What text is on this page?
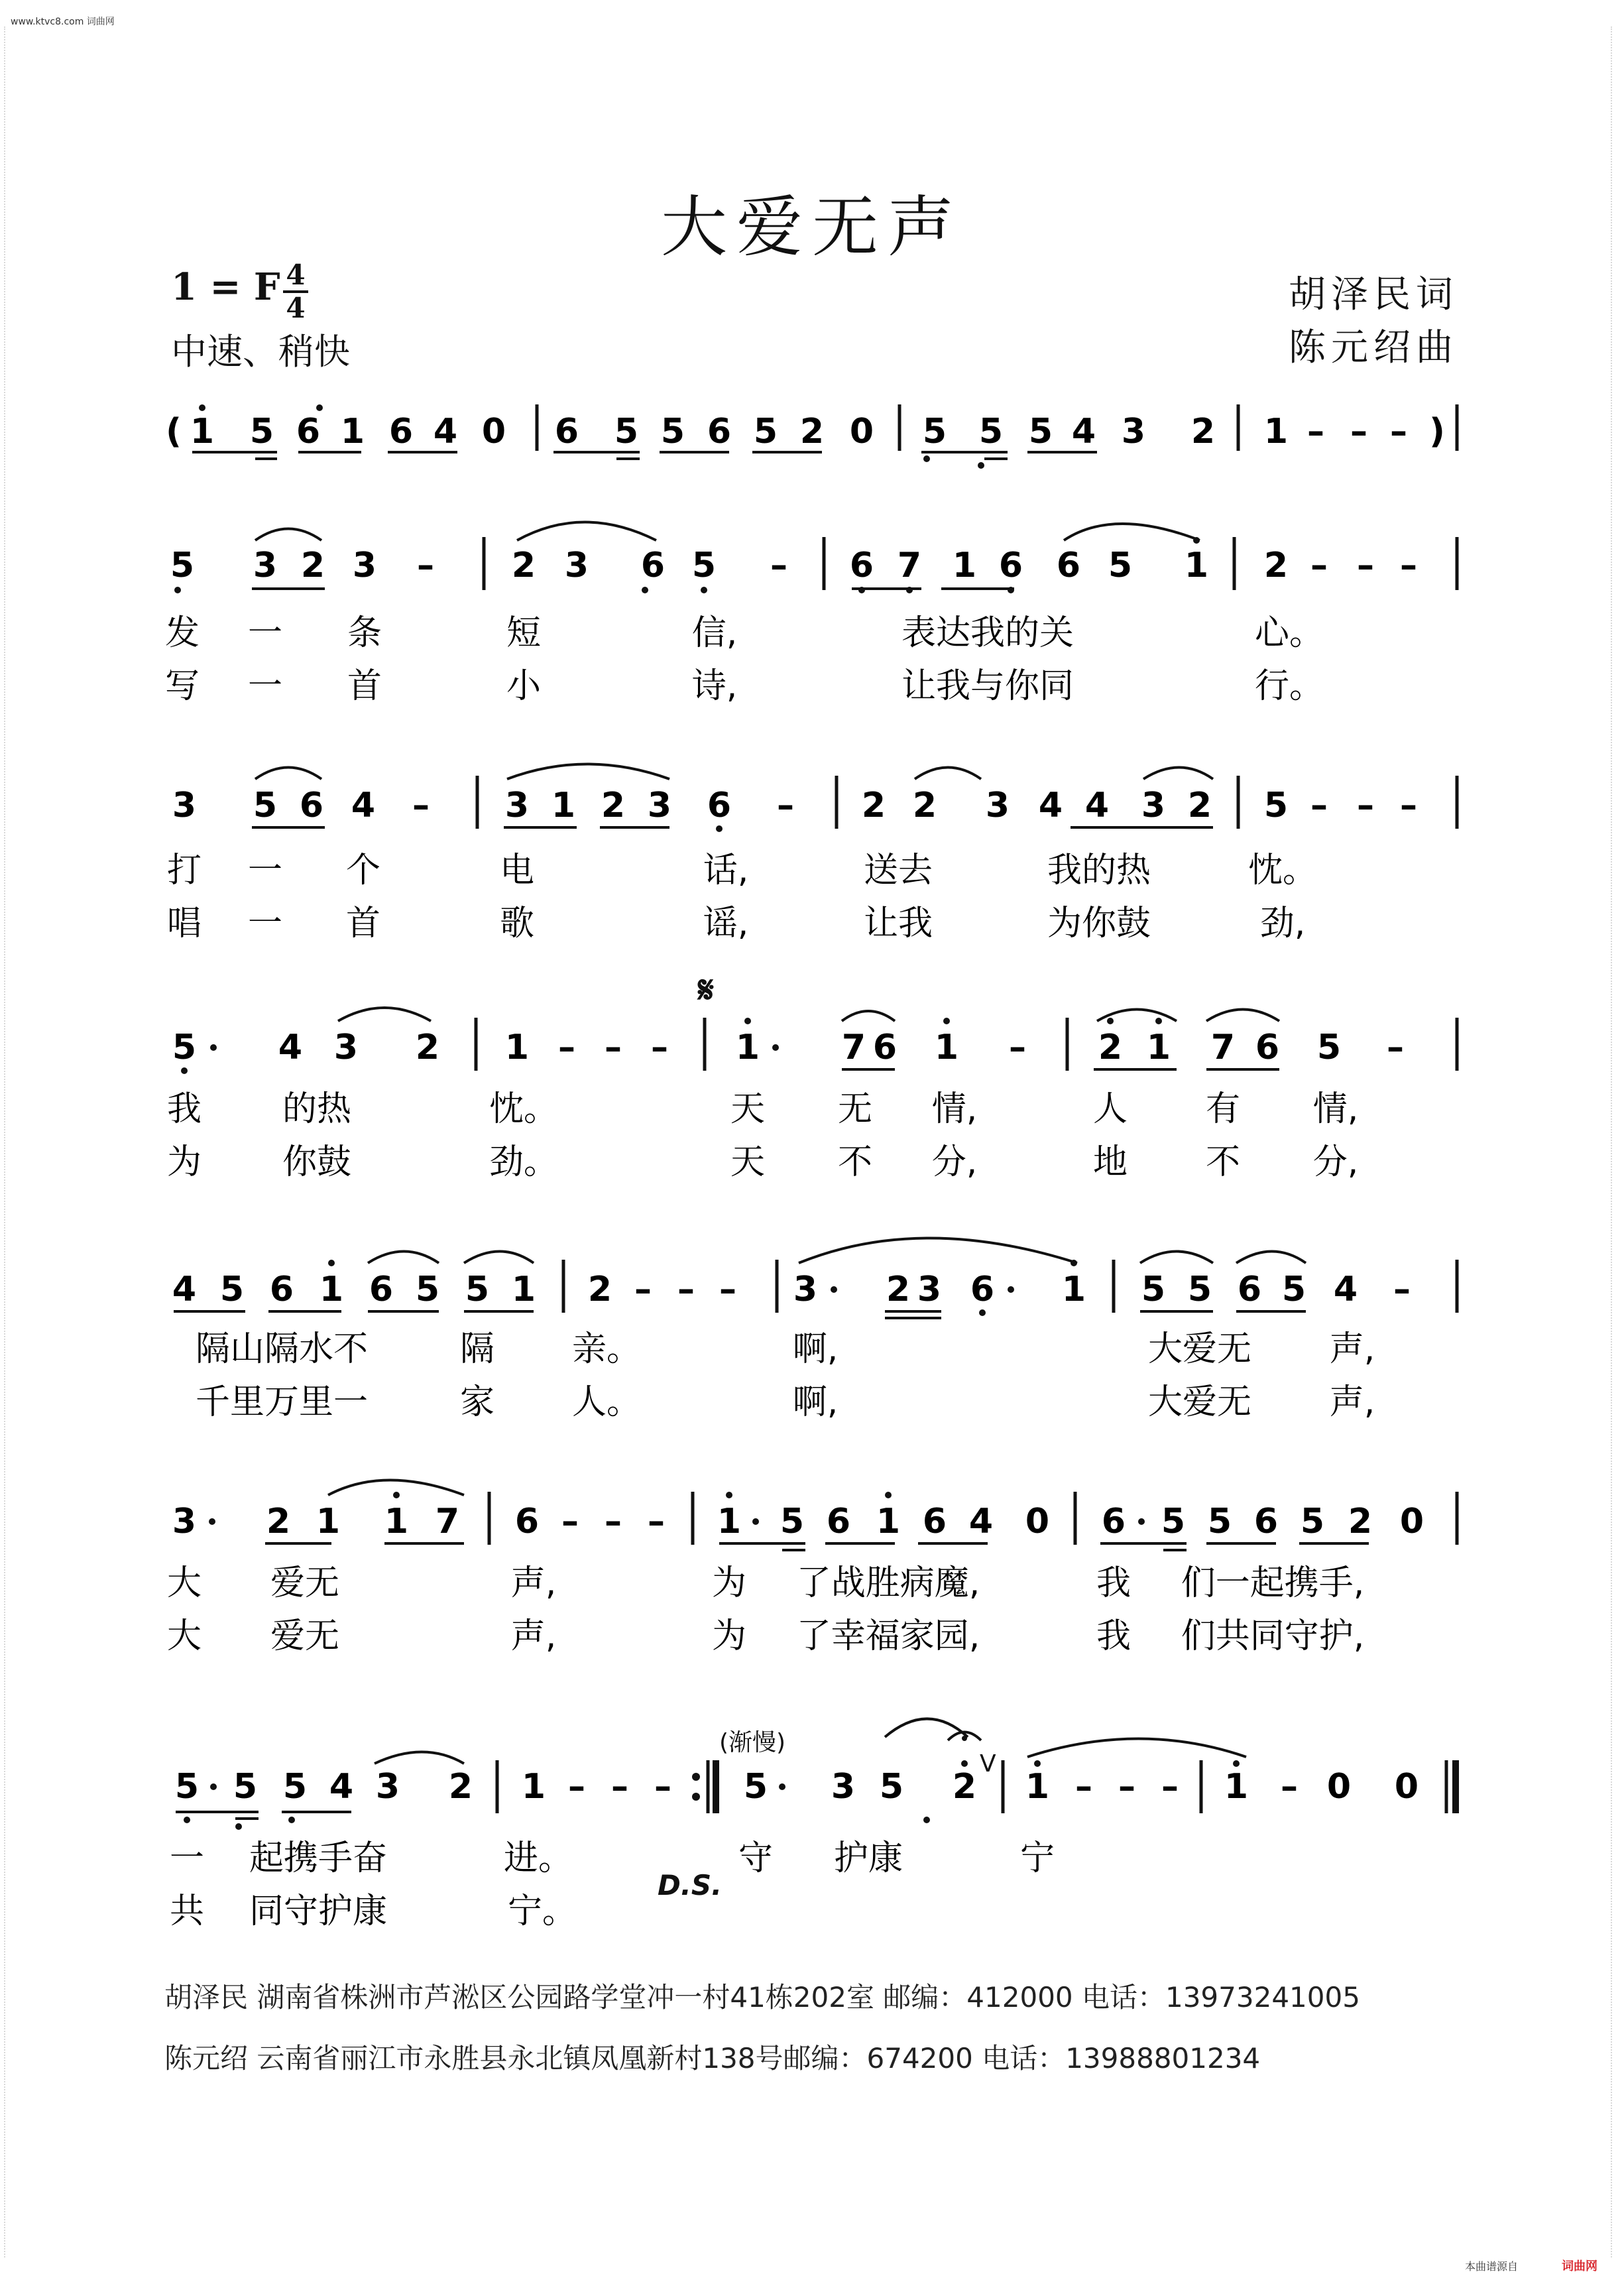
www.ktvc8.com 词曲网
大爱无声
1 = F 4
4
中速、稍快
胡泽民词
陈元绍曲
𝄋
(渐慢)
D.S.
V
( 1 5 6 1 6 4 0 6 5 5 6 5 2 0 5 5 5 4 3 2 1 – – – )
5 3 2 3 – 2 3 6 5 – 6 7 1 6 6 5 1 2 – – –
3 5 6 4 – 3 1 2 3 6 – 2 2 3 4 4 3 2 5 – – –
5 4 3 2 1 – – – 1 7 6 1 – 2 1 7 6 5 –
4 5 6 1 6 5 5 1 2 – – – 3 2 3 6 1 5 5 6 5 4 –
3 2 1 1 7 6 – – – 1 5 6 1 6 4 0 6 5 5 6 5 2 0
5 5 5 4 3 2 1 – – – 5 3 5 2 1 – – – 1 – 0 0
发 一 条	短	信,	表达我的关	心。
写 一 首	小	诗,	让我与你同	行。
打 一 个	电	话,	送去	我的热	忱。
唱 一 首	歌	谣,	让我	为你鼓	劲,
我 的热	忱。	天 无 情,	人 有 情,
为 你鼓	劲。	天 不 分,	地 不 分,
隔山隔水不	隔 亲。	啊,	大爱无 声,
千里万里一	家 人。	啊,	大爱无 声,
大 爱无	声,	为 了战胜病魔,	我 们一起携手,
大 爱无	声,	为 了幸福家园,	我 们共同守护,
一 起携手奋	进。	守 护康	宁
共 同守护康	宁。
胡泽民 湖南省株洲市芦淞区公园路学堂冲一村41栋202室 邮编：412000 电话：13973241005
陈元绍 云南省丽江市永胜县永北镇凤凰新村138号邮编：674200 电话：13988801234
本曲谱源自	词曲网
